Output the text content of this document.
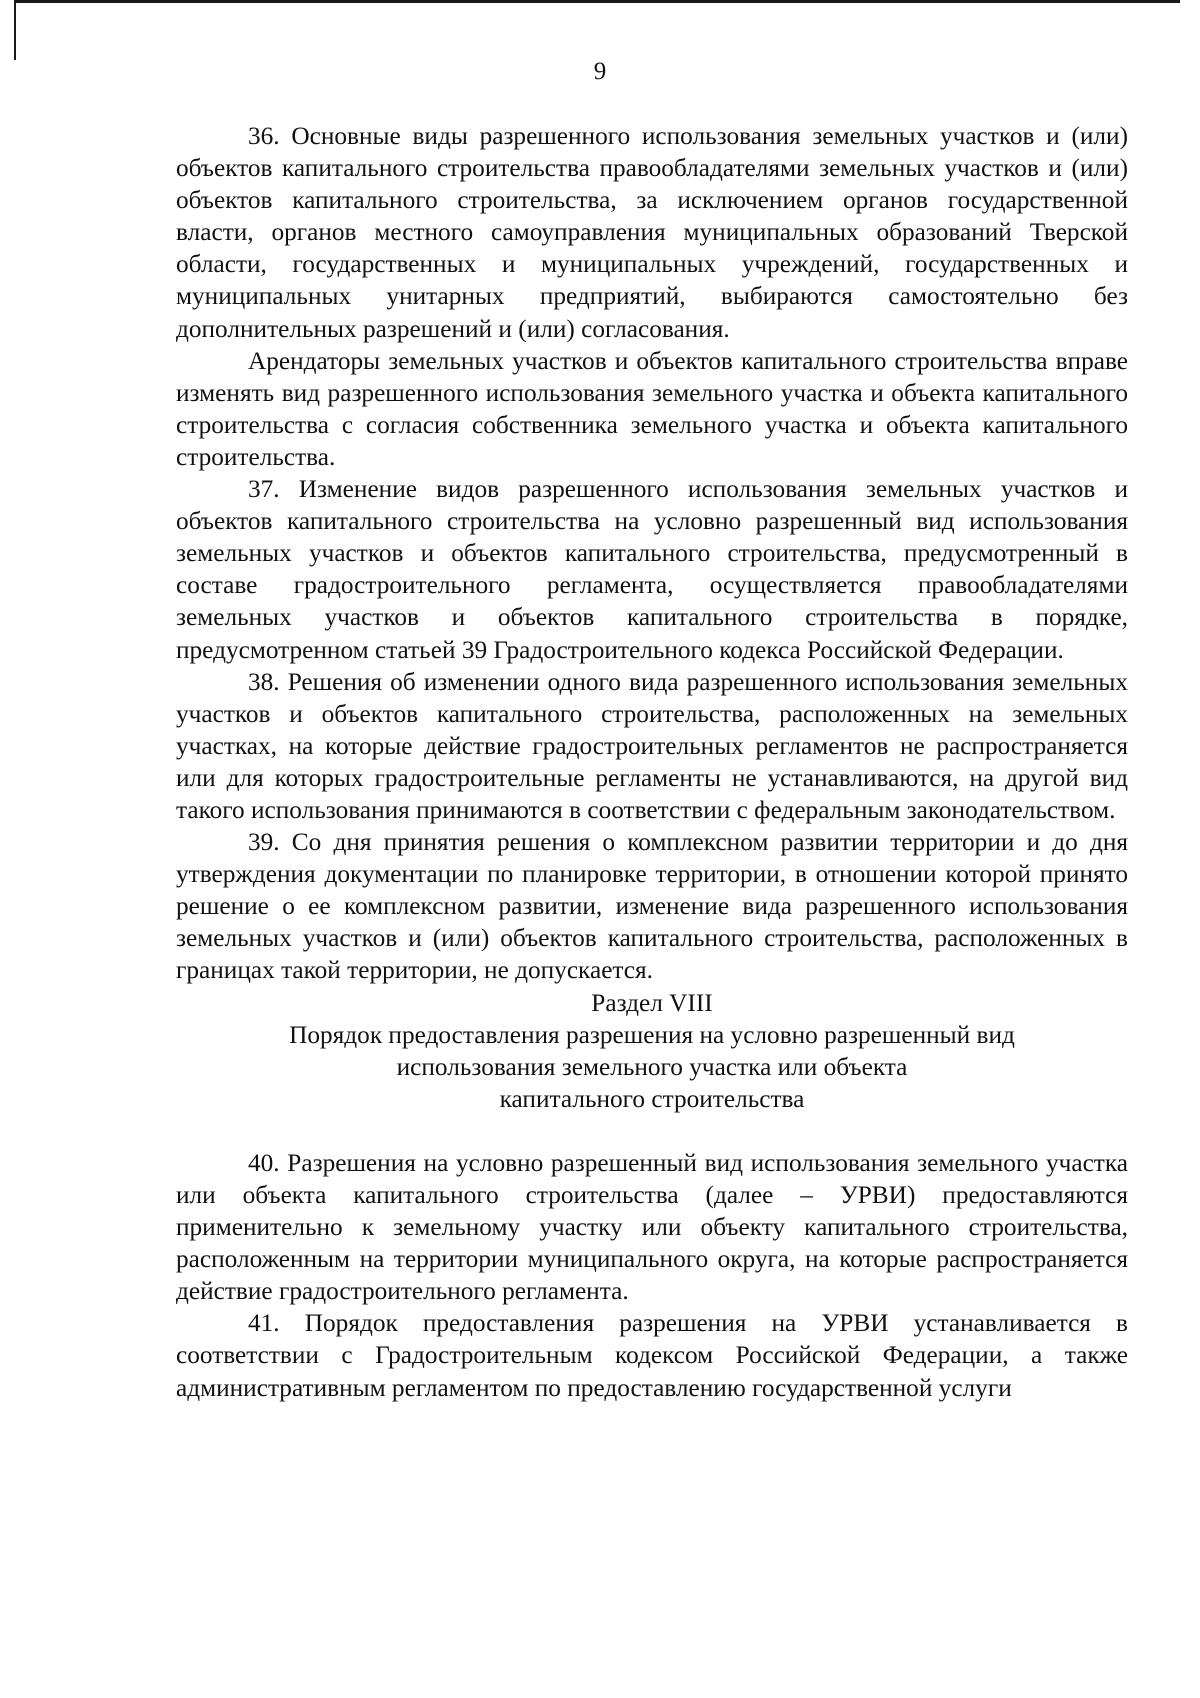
9

36. Основные виды разрешенного использования земельных участков и (или) объектов капитального строительства правообладателями земельных участков и (или) объектов капитального строительства, за исключением органов государственной власти, органов местного самоуправления муниципальных образований Тверской области, государственных и муниципальных учреждений, государственных и муниципальных унитарных предприятий, выбираются самостоятельно без дополнительных разрешений и (или) согласования.

Арендаторы земельных участков и объектов капитального строительства вправе изменять вид разрешенного использования земельного участка и объекта капитального строительства с согласия собственника земельного участка и объекта капитального строительства.

37. Изменение видов разрешенного использования земельных участков и объектов капитального строительства на условно разрешенный вид использования земельных участков и объектов капитального строительства, предусмотренный в составе градостроительного регламента, осуществляется правообладателями земельных участков и объектов капитального строительства в порядке, предусмотренном статьей 39 Градостроительного кодекса Российской Федерации.

38. Решения об изменении одного вида разрешенного использования земельных участков и объектов капитального строительства, расположенных на земельных участках, на которые действие градостроительных регламентов не распространяется или для которых градостроительные регламенты не устанавливаются, на другой вид такого использования принимаются в соответствии с федеральным законодательством.

39. Со дня принятия решения о комплексном развитии территории и до дня утверждения документации по планировке территории, в отношении которой принято решение о ее комплексном развитии, изменение вида разрешенного использования земельных участков и (или) объектов капитального строительства, расположенных в границах такой территории, не допускается.

Раздел VIII

Порядок предоставления разрешения на условно разрешенный вид

использования земельного участка или объекта

капитального строительства

40. Разрешения на условно разрешенный вид использования земельного участка или объекта капитального строительства (далее – УРВИ) предоставляются применительно к земельному участку или объекту капитального строительства, расположенным на территории муниципального округа, на которые распространяется действие градостроительного регламента.

41. Порядок предоставления разрешения на УРВИ устанавливается в соответствии с Градостроительным кодексом Российской Федерации, а также административным регламентом по предоставлению государственной услуги
